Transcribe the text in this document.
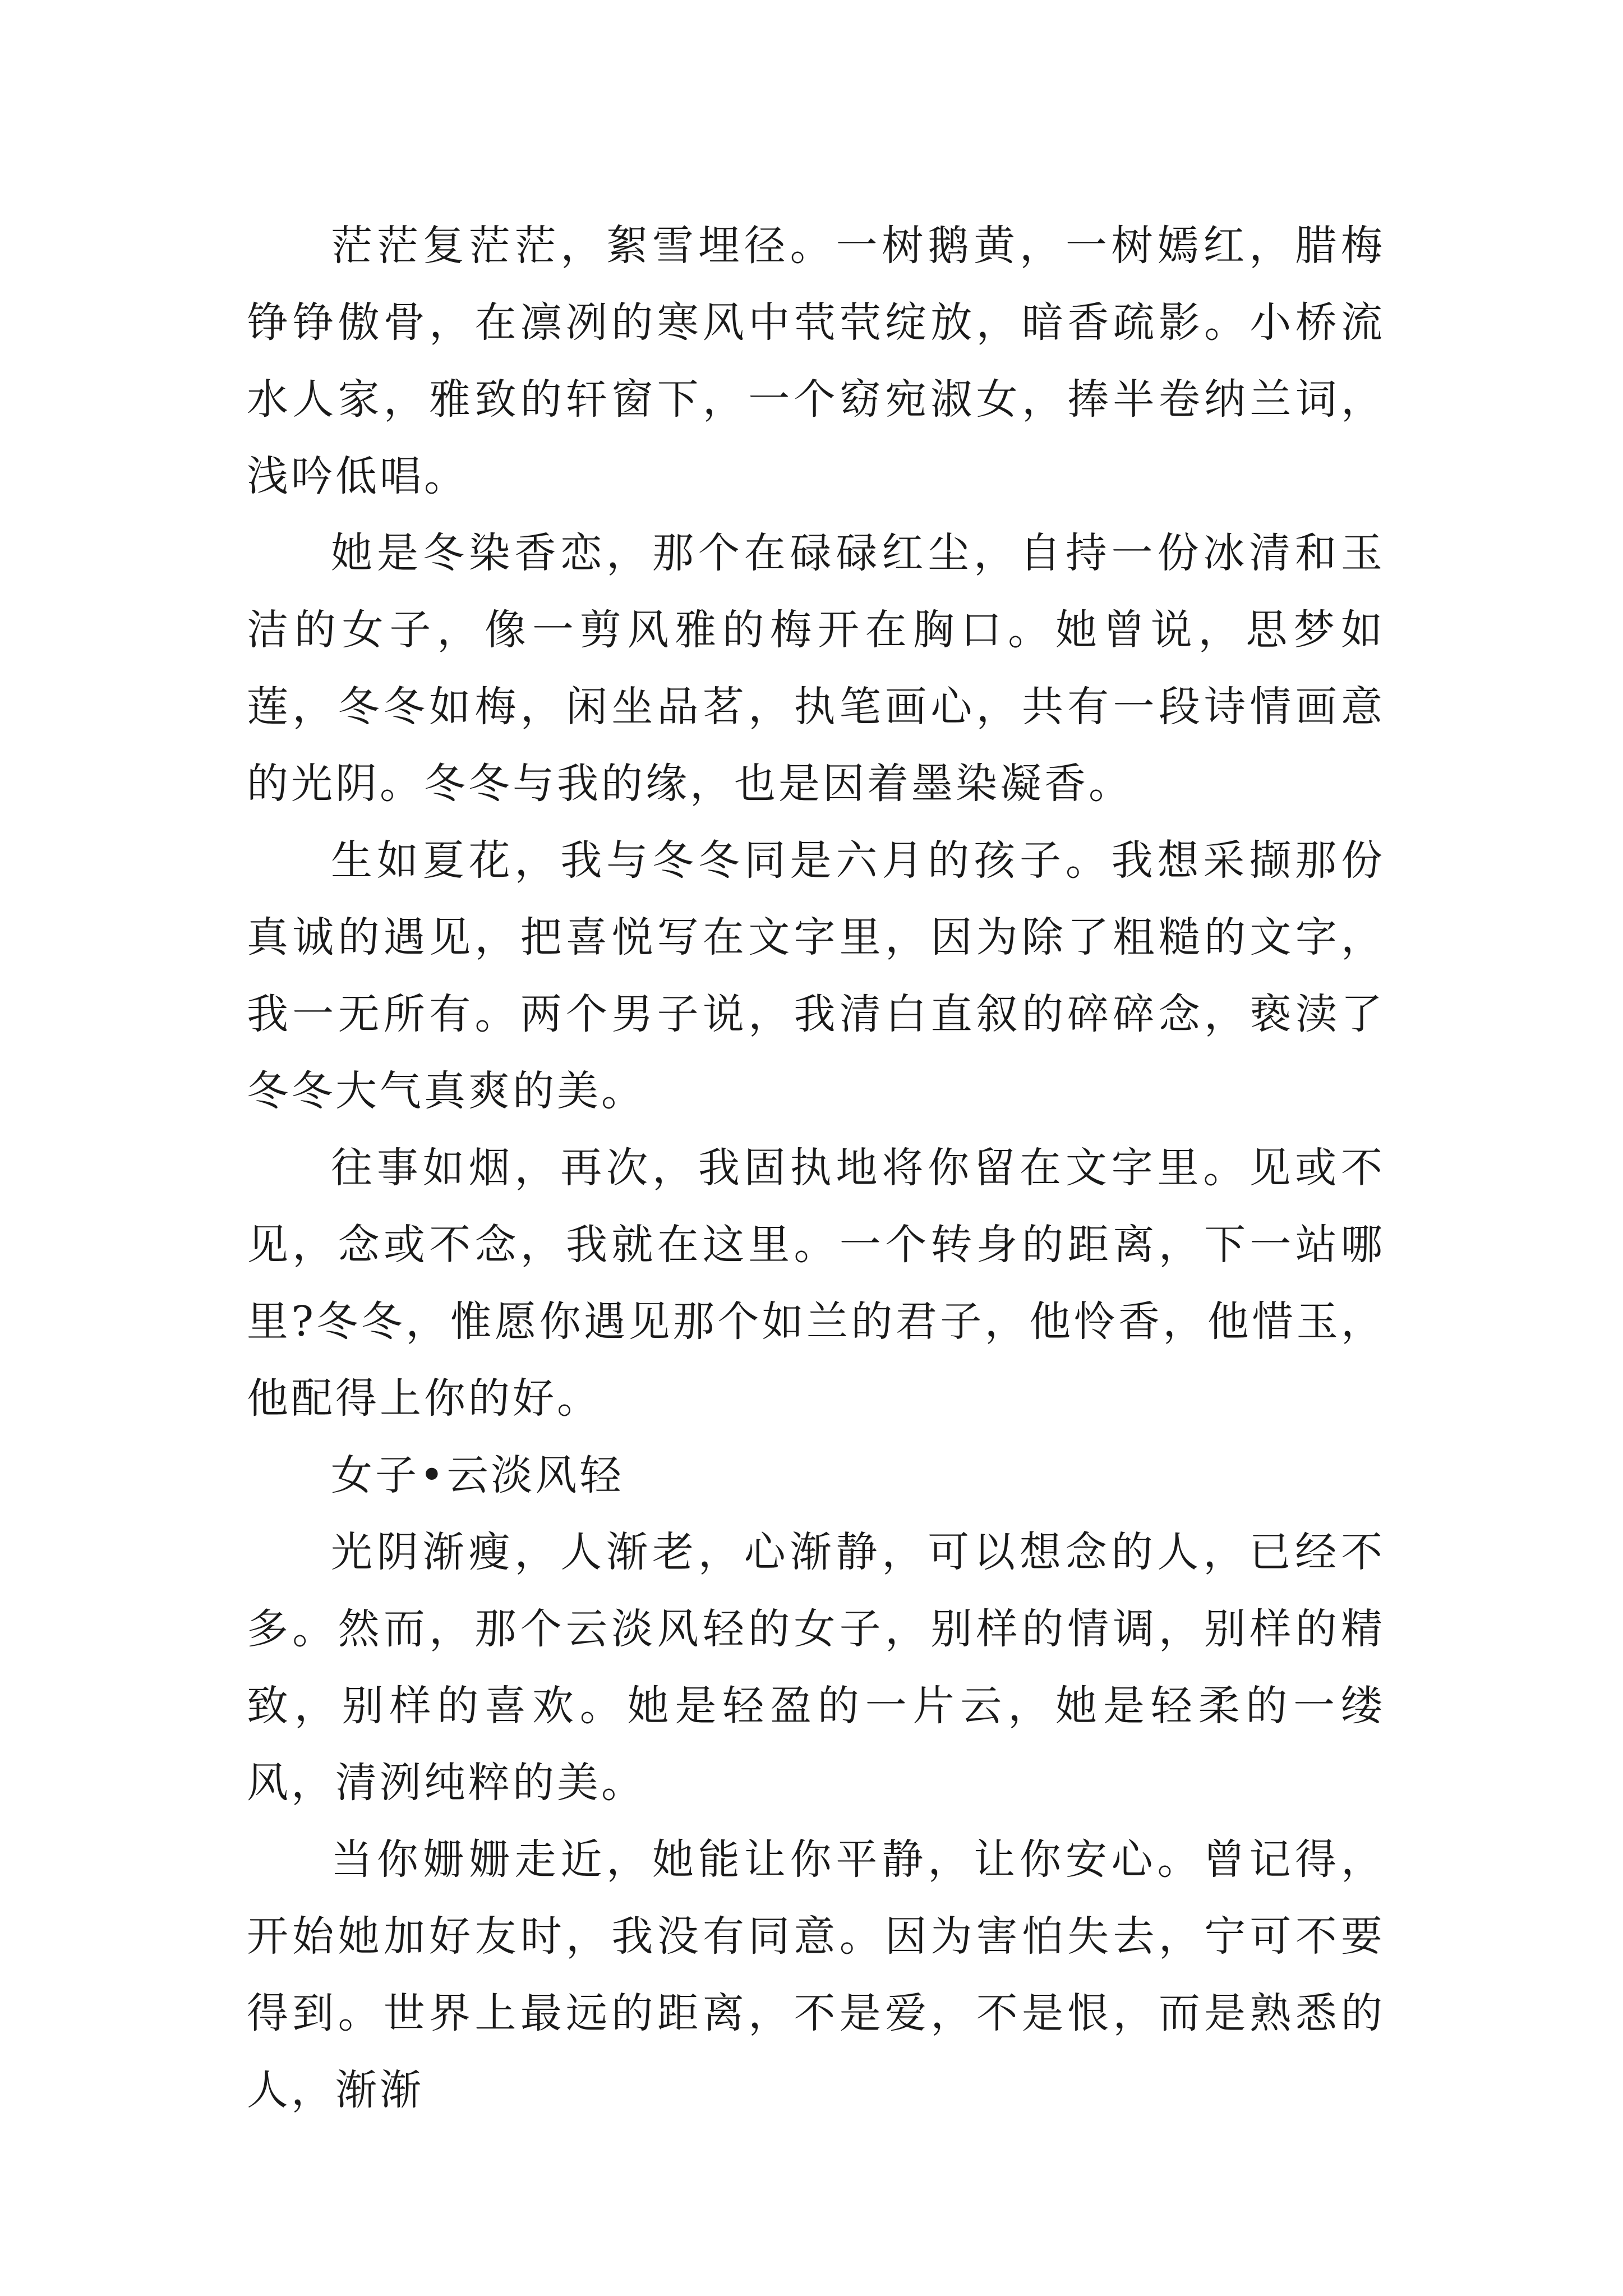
茫茫复茫茫，絮雪埋径。一树鹅黄，一树嫣红，腊梅铮铮傲骨，在凛冽的寒风中茕茕绽放，暗香疏影。小桥流水人家，雅致的轩窗下，一个窈宛淑女，捧半卷纳兰词，浅吟低唱。

她是冬染香恋，那个在碌碌红尘，自持一份冰清和玉洁的女子，像一剪风雅的梅开在胸口。她曾说，思梦如莲，冬冬如梅，闲坐品茗，执笔画心，共有一段诗情画意的光阴。冬冬与我的缘，也是因着墨染凝香。

生如夏花，我与冬冬同是六月的孩子。我想采撷那份真诚的遇见，把喜悦写在文字里，因为除了粗糙的文字，我一无所有。两个男子说，我清白直叙的碎碎念，亵渎了冬冬大气真爽的美。

往事如烟，再次，我固执地将你留在文字里。见或不见，念或不念，我就在这里。一个转身的距离，下一站哪里?冬冬，惟愿你遇见那个如兰的君子，他怜香，他惜玉，他配得上你的好。

女子•云淡风轻

光阴渐瘦，人渐老，心渐静，可以想念的人，已经不多。然而，那个云淡风轻的女子，别样的情调，别样的精致，别样的喜欢。她是轻盈的一片云，她是轻柔的一缕风，清洌纯粹的美。

当你姗姗走近，她能让你平静，让你安心。曾记得，开始她加好友时，我没有同意。因为害怕失去，宁可不要得到。世界上最远的距离，不是爱，不是恨，而是熟悉的人，渐渐
